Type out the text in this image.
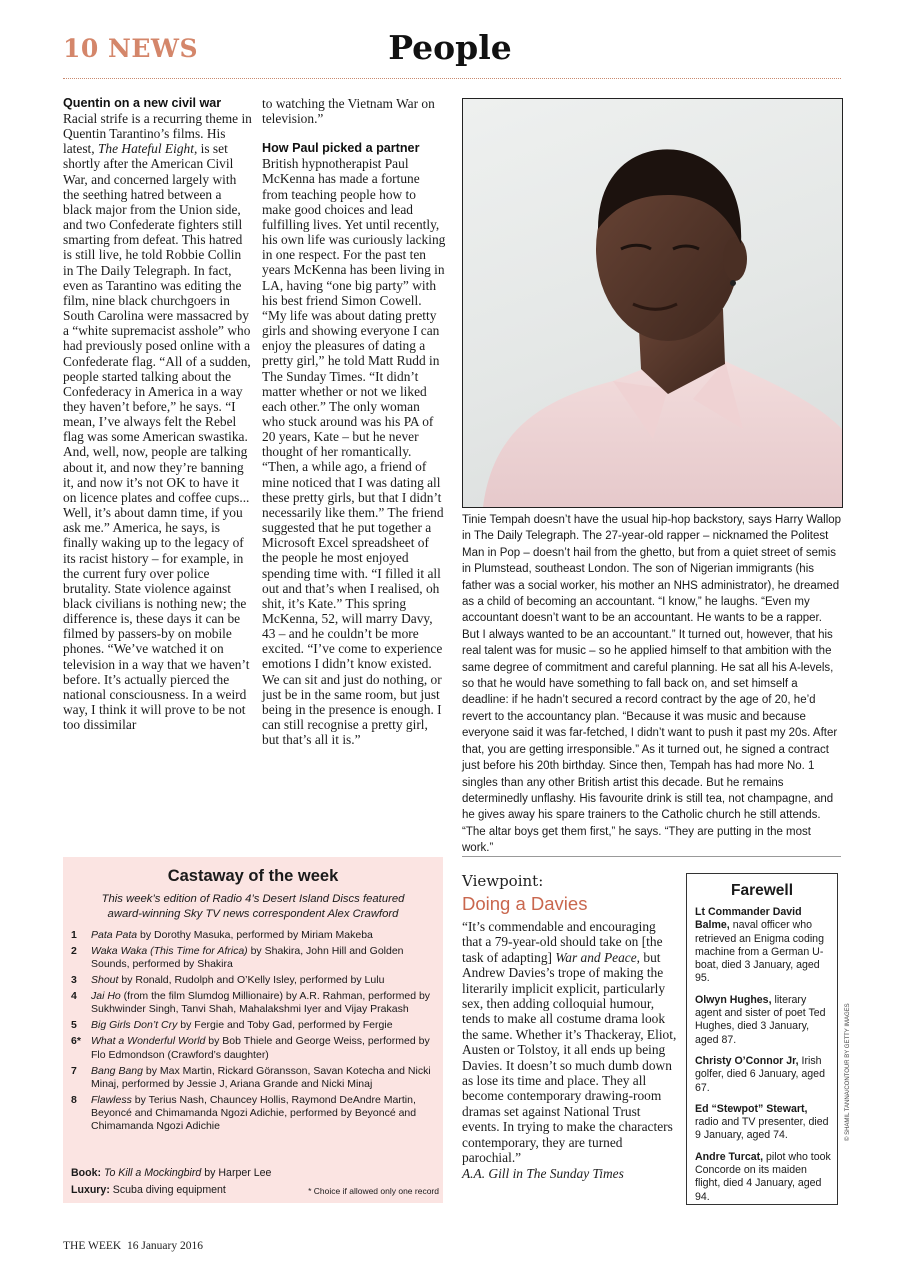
10 NEWS	People
Quentin on a new civil war

Racial strife is a recurring theme in Quentin Tarantino’s films. His latest, The Hateful Eight, is set shortly after the American Civil War, and concerned largely with the seething hatred between a black major from the Union side, and two Confederate fighters still smarting from defeat. This hatred is still live, he told Robbie Collin in The Daily Telegraph. In fact, even as Tarantino was editing the film, nine black churchgoers in South Carolina were massacred by a “white supremacist asshole” who had previously posed online with a Confederate flag. “All of a sudden, people started talking about the Confederacy in America in a way they haven’t before,” he says. “I mean, I’ve always felt the Rebel flag was some American swastika. And, well, now, people are talking about it, and now they’re banning it, and now it’s not OK to have it on licence plates and coffee cups... Well, it’s about damn time, if you ask me.” America, he says, is finally waking up to the legacy of its racist history – for example, in the current fury over police brutality. State violence against black civilians is nothing new; the difference is, these days it can be filmed by passers-by on mobile phones. “We’ve watched it on television in a way that we haven’t before. It’s actually pierced the national consciousness. In a weird way, I think it will prove to be not too dissimilar

to watching the Vietnam War on television.”

How Paul picked a partner

British hypnotherapist Paul McKenna has made a fortune from teaching people how to make good choices and lead fulfilling lives. Yet until recently, his own life was curiously lacking in one respect. For the past ten years McKenna has been living in LA, having “one big party” with his best friend Simon Cowell. “My life was about dating pretty girls and showing everyone I can enjoy the pleasures of dating a pretty girl,” he told Matt Rudd in The Sunday Times. “It didn’t matter whether or not we liked each other.” The only woman who stuck around was his PA of 20 years, Kate – but he never thought of her romantically. “Then, a while ago, a friend of mine noticed that I was dating all these pretty girls, but that I didn’t necessarily like them.” The friend suggested that he put together a Microsoft Excel spreadsheet of the people he most enjoyed spending time with. “I filled it all out and that’s when I realised, oh shit, it’s Kate.” This spring McKenna, 52, will marry Davy, 43 – and he couldn’t be more excited. “I’ve come to experience emotions I didn’t know existed. We can sit and just do nothing, or just be in the same room, but just being in the presence is enough. I can still recognise a pretty girl, but that’s all it is.”

Tinie Tempah doesn’t have the usual hip-hop backstory, says Harry Wallop in The Daily Telegraph. The 27-year-old rapper – nicknamed the Politest Man in Pop – doesn’t hail from the ghetto, but from a quiet street of semis in Plumstead, southeast London. The son of Nigerian immigrants (his father was a social worker, his mother an NHS administrator), he dreamed as a child of becoming an accountant. “I know,” he laughs. “Even my accountant doesn’t want to be an accountant. He wants to be a rapper. But I always wanted to be an accountant.” It turned out, however, that his real talent was for music – so he applied himself to that ambition with the same degree of commitment and careful planning. He sat all his A-levels, so that he would have something to fall back on, and set himself a deadline: if he hadn’t secured a record contract by the age of 20, he’d revert to the accountancy plan. “Because it was music and because everyone said it was far-fetched, I didn’t want to push it past my 20s. After that, you are getting irresponsible.” As it turned out, he signed a contract just before his 20th birthday. Since then, Tempah has had more No. 1 singles than any other British artist this decade. But he remains determinedly unflashy. His favourite drink is still tea, not champagne, and he gives away his spare trainers to the Catholic church he still attends. “The altar boys get them first,” he says. “They are putting in the most work.”

Castaway of the week
This week’s edition of Radio 4’s Desert Island Discs featured award-winning Sky TV news correspondent Alex Crawford
1	Pata Pata by Dorothy Masuka, performed by Miriam Makeba
2	Waka Waka (This Time for Africa) by Shakira, John Hill and Golden Sounds, performed by Shakira
3	Shout by Ronald, Rudolph and O’Kelly Isley, performed by Lulu
4	Jai Ho (from the film Slumdog Millionaire) by A.R. Rahman, performed by Sukhwinder Singh, Tanvi Shah, Mahalakshmi Iyer and Vijay Prakash
5	Big Girls Don’t Cry by Fergie and Toby Gad, performed by Fergie
6* What a Wonderful World by Bob Thiele and George Weiss, performed by Flo Edmondson (Crawford’s daughter)
7	Bang Bang by Max Martin, Rickard Göransson, Savan Kotecha and Nicki Minaj, performed by Jessie J, Ariana Grande and Nicki Minaj
8	Flawless by Terius Nash, Chauncey Hollis, Raymond DeAndre Martin, Beyoncé and Chimamanda Ngozi Adichie, performed by Beyoncé and Chimamanda Ngozi Adichie
Book: To Kill a Mockingbird by Harper Lee
Luxury: Scuba diving equipment	* Choice if allowed only one record
Viewpoint:
Doing a Davies
“It’s commendable and encouraging that a 79-year-old should take on [the task of adapting] War and Peace, but Andrew Davies’s trope of making the literarily implicit explicit, particularly sex, then adding colloquial humour, tends to make all costume drama look the same. Whether it’s Thackeray, Eliot, Austen or Tolstoy, it all ends up being Davies. It doesn’t so much dumb down as lose its time and place. They all become contemporary drawing-room dramas set against National Trust events. In trying to make the characters contemporary, they are turned parochial.”
A.A. Gill in The Sunday Times
Farewell
Lt Commander David Balme, naval officer who retrieved an Enigma coding machine from a German U-boat, died 3 January, aged 95.
Olwyn Hughes, literary agent and sister of poet Ted Hughes, died 3 January, aged 87.
Christy O’Connor Jr, Irish golfer, died 6 January, aged 67.
Ed “Stewpot” Stewart, radio and TV presenter, died 9 January, aged 74.
Andre Turcat, pilot who took Concorde on its maiden flight, died 4 January, aged 94.
© SHAMIL TANNA/CONTOUR BY GETTY IMAGES
THE WEEK  16 January 2016
